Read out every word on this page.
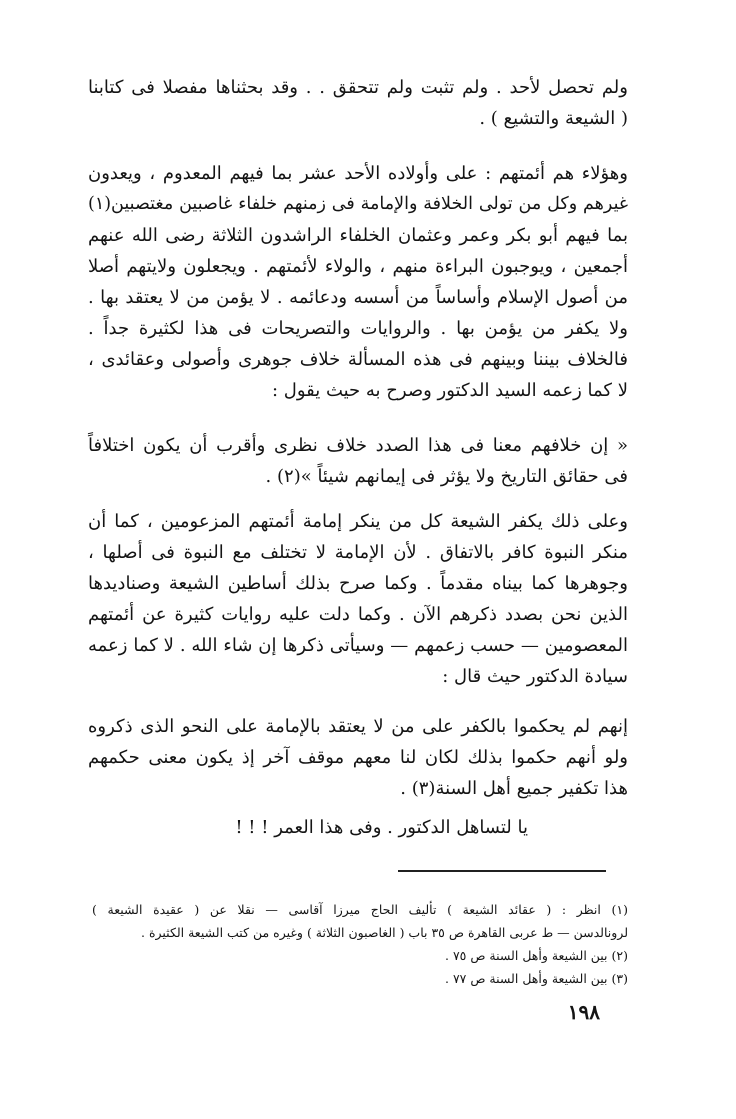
ولم تحصل لأحد . ولم تثبت ولم تتحقق . . وقد بحثناها مفصلا فى كتابنا
( الشيعة والتشيع ) .

وهؤلاء هم أئمتهم : على وأولاده الأحد عشر بما فيهم المعدوم ، ويعدون
غيرهم وكل من تولى الخلافة والإمامة فى زمنهم خلفاء غاصبين مغتصبين(١)
بما فيهم أبو بكر وعمر وعثمان الخلفاء الراشدون الثلاثة رضى الله عنهم
أجمعين ، ويوجبون البراءة منهم ، والولاء لأئمتهم . ويجعلون ولايتهم أصلا
من أصول الإسلام وأساساً من أسسه ودعائمه . لا يؤمن من لا يعتقد بها .
ولا يكفر من يؤمن بها . والروايات والتصريحات فى هذا لكثيرة جداً .
فالخلاف بيننا وبينهم فى هذه المسألة خلاف جوهرى وأصولى وعقائدى ،
لا كما زعمه السيد الدكتور وصرح به حيث يقول :

« إن خلافهم معنا فى هذا الصدد خلاف نظرى وأقرب أن يكون اختلافاً
فى حقائق التاريخ ولا يؤثر فى إيمانهم شيئاً »(٢) .

وعلى ذلك يكفر الشيعة كل من ينكر إمامة أئمتهم المزعومين ، كما أن
منكر النبوة كافر بالاتفاق . لأن الإمامة لا تختلف مع النبوة فى أصلها ،
وجوهرها كما بيناه مقدماً . وكما صرح بذلك أساطين الشيعة وصناديدها
الذين نحن بصدد ذكرهم الآن . وكما دلت عليه روايات كثيرة عن أئمتهم
المعصومين — حسب زعمهم — وسيأتى ذكرها إن شاء الله . لا كما زعمه
سيادة الدكتور حيث قال :

إنهم لم يحكموا بالكفر على من لا يعتقد بالإمامة على النحو الذى ذكروه
ولو أنهم حكموا بذلك لكان لنا معهم موقف آخر إذ يكون معنى حكمهم
هذا تكفير جميع أهل السنة(٣) .

يا لتساهل الدكتور . وفى هذا العمر ! ! !

(١) انظر : ( عقائد الشيعة ) تأليف الحاج ميرزا آقاسى — نقلا عن ( عقيدة الشيعة )
لرونالدسن — ط عربى القاهرة ص ٣٥ باب ( الغاصبون الثلاثة ) وغيره من كتب الشيعة الكثيرة .
(٢) بين الشيعة وأهل السنة ص ٧٥ .
(٣) بين الشيعة وأهل السنة ص ٧٧ .
١٩٨
